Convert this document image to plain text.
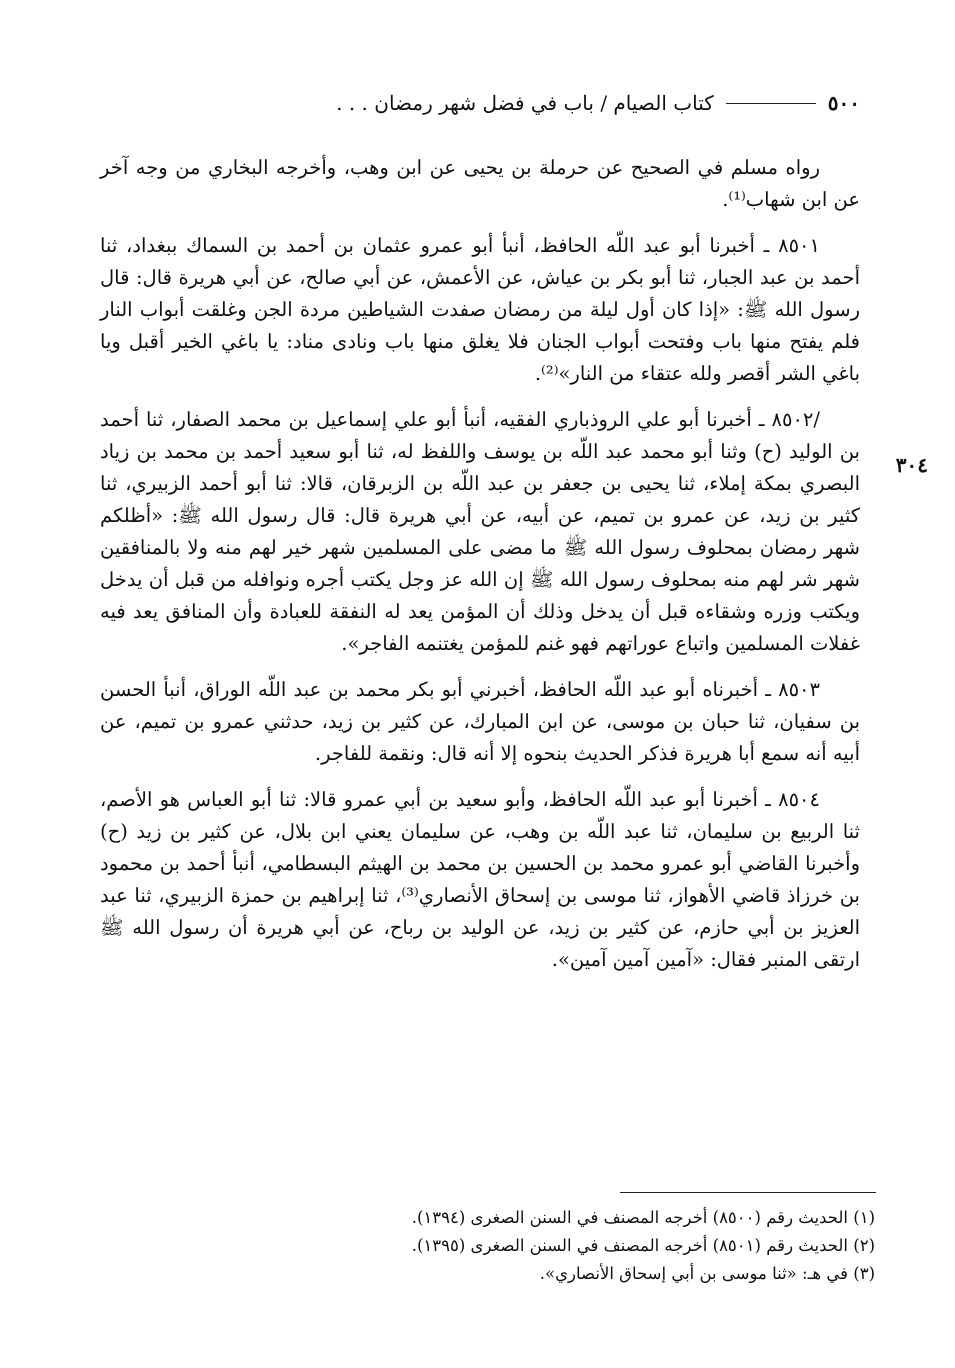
٥٠٠
كتاب الصيام / باب في فضل شهر رمضان . . .
٣٠٤

رواه مسلم في الصحيح عن حرملة بن يحيى عن ابن وهب، وأخرجه البخاري من وجه آخر عن ابن شهاب⁽¹⁾.

٨٥٠١ ـ أخبرنا أبو عبد اللّه الحافظ، أنبأ أبو عمرو عثمان بن أحمد بن السماك ببغداد، ثنا أحمد بن عبد الجبار، ثنا أبو بكر بن عياش، عن الأعمش، عن أبي صالح، عن أبي هريرة قال: قال رسول الله ﷺ: «إذا كان أول ليلة من رمضان صفدت الشياطين مردة الجن وغلقت أبواب النار فلم يفتح منها باب وفتحت أبواب الجنان فلا يغلق منها باب ونادى مناد: يا باغي الخير أقبل ويا باغي الشر أقصر ولله عتقاء من النار»⁽²⁾.

/٨٥٠٢ ـ أخبرنا أبو علي الروذباري الفقيه، أنبأ أبو علي إسماعيل بن محمد الصفار، ثنا أحمد بن الوليد (ح) وثنا أبو محمد عبد اللّه بن يوسف واللفظ له، ثنا أبو سعيد أحمد بن محمد بن زياد البصري بمكة إملاء، ثنا يحيى بن جعفر بن عبد اللّه بن الزبرقان، قالا: ثنا أبو أحمد الزبيري، ثنا كثير بن زيد، عن عمرو بن تميم، عن أبيه، عن أبي هريرة قال: قال رسول الله ﷺ: «أظلكم شهر رمضان بمحلوف رسول الله ﷺ ما مضى على المسلمين شهر خير لهم منه ولا بالمنافقين شهر شر لهم منه بمحلوف رسول الله ﷺ إن الله عز وجل يكتب أجره ونوافله من قبل أن يدخل ويكتب وزره وشقاءه قبل أن يدخل وذلك أن المؤمن يعد له النفقة للعبادة وأن المنافق يعد فيه غفلات المسلمين واتباع عوراتهم فهو غنم للمؤمن يغتنمه الفاجر».

٨٥٠٣ ـ أخبرناه أبو عبد اللّه الحافظ، أخبرني أبو بكر محمد بن عبد اللّه الوراق، أنبأ الحسن بن سفيان، ثنا حبان بن موسى، عن ابن المبارك، عن كثير بن زيد، حدثني عمرو بن تميم، عن أبيه أنه سمع أبا هريرة فذكر الحديث بنحوه إلا أنه قال: ونقمة للفاجر.

٨٥٠٤ ـ أخبرنا أبو عبد اللّه الحافظ، وأبو سعيد بن أبي عمرو قالا: ثنا أبو العباس هو الأصم، ثنا الربيع بن سليمان، ثنا عبد اللّه بن وهب، عن سليمان يعني ابن بلال، عن كثير بن زيد (ح) وأخبرنا القاضي أبو عمرو محمد بن الحسين بن محمد بن الهيثم البسطامي، أنبأ أحمد بن محمود بن خرزاذ قاضي الأهواز، ثنا موسى بن إسحاق الأنصاري⁽³⁾، ثنا إبراهيم بن حمزة الزبيري، ثنا عبد العزيز بن أبي حازم، عن كثير بن زيد، عن الوليد بن رباح، عن أبي هريرة أن رسول الله ﷺ ارتقى المنبر فقال: «آمين آمين آمين».

(١) الحديث رقم (٨٥٠٠) أخرجه المصنف في السنن الصغرى (١٣٩٤).
(٢) الحديث رقم (٨٥٠١) أخرجه المصنف في السنن الصغرى (١٣٩٥).
(٣) في هـ: «ثنا موسى بن أبي إسحاق الأنصاري».
